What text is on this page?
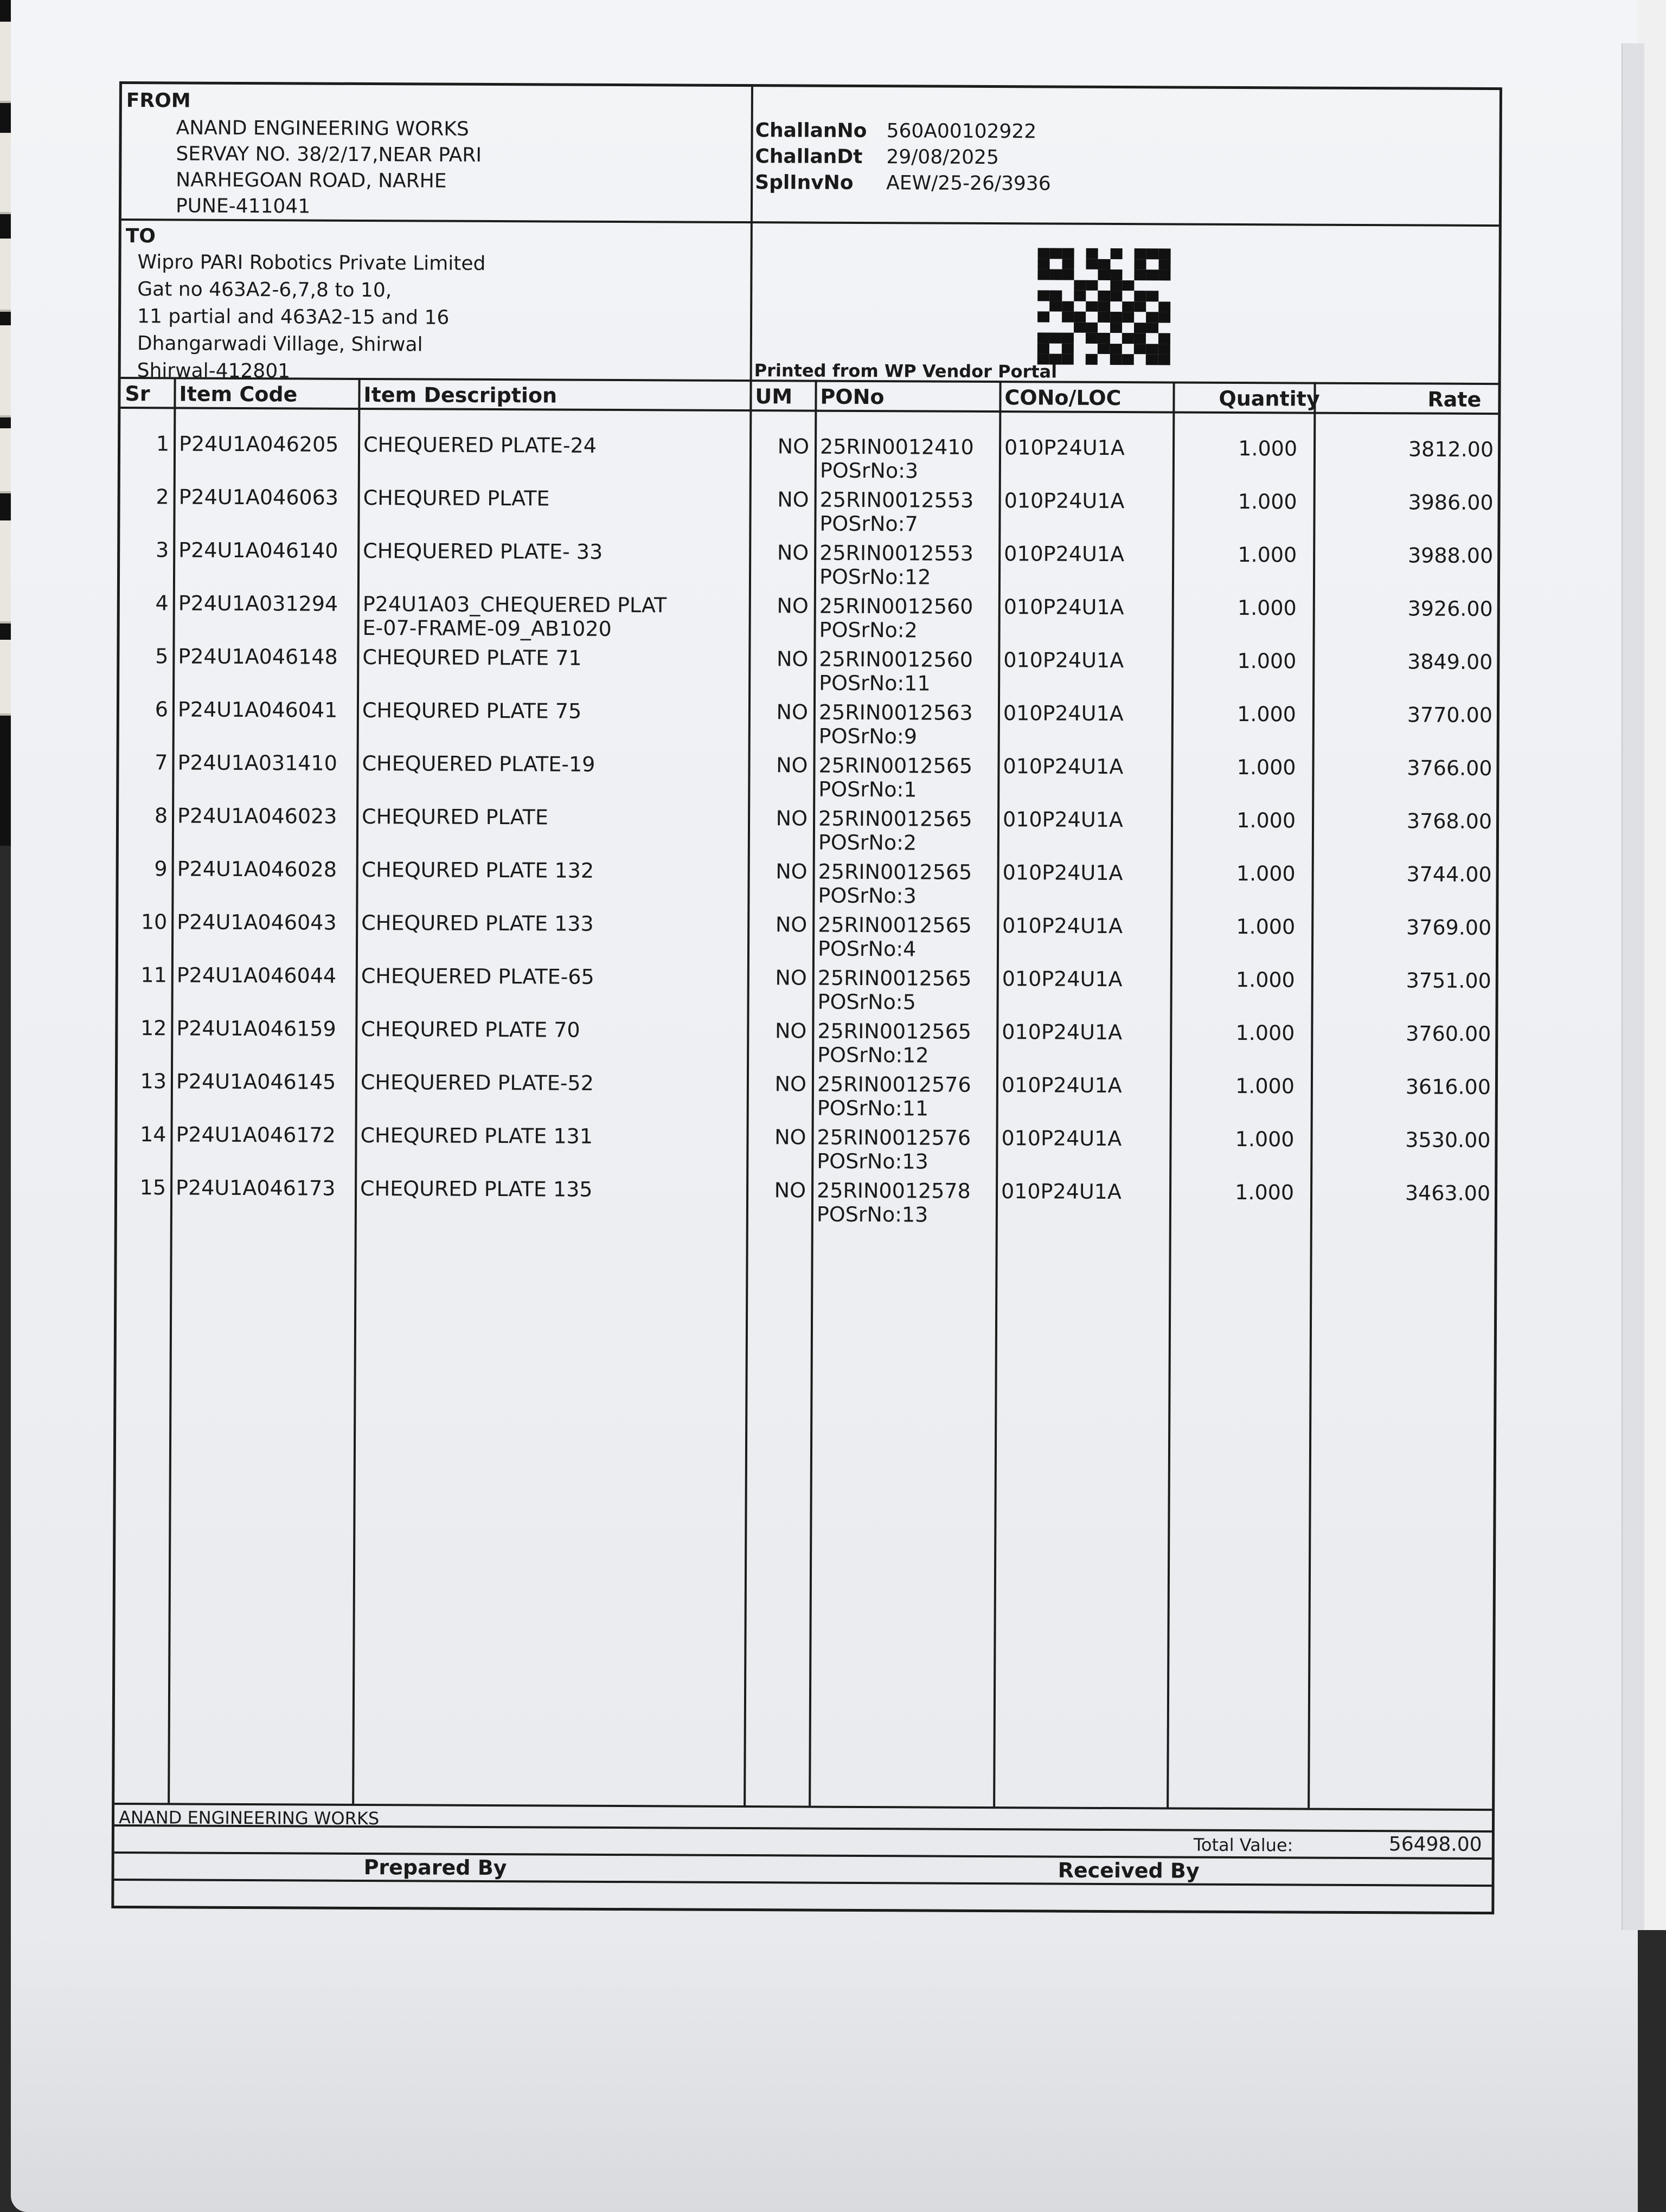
FROM
ANAND ENGINEERING WORKS
SERVAY NO. 38/2/17,NEAR PARI
NARHEGOAN ROAD, NARHE
PUNE-411041
ChallanNo 560A00102922
ChallanDt 29/08/2025
SplInvNo AEW/25-26/3936
TO
Wipro PARI Robotics Private Limited
Gat no 463A2-6,7,8 to 10,
11 partial and 463A2-15 and 16
Dhangarwadi Village, Shirwal
Shirwal-412801	Printed from WP Vendor Portal
Sr Item Code	Item Description	UM PONo	CONo/LOC	Quantity	Rate
1 P24U1A046205	CHEQUERED PLATE-24	NO 25RIN0012410	010P24U1A	1.000	3812.00
POSrNo:3
2 P24U1A046063	CHEQURED PLATE	NO 25RIN0012553	010P24U1A	1.000	3986.00
POSrNo:7
3 P24U1A046140	CHEQUERED PLATE- 33	NO 25RIN0012553	010P24U1A	1.000	3988.00
POSrNo:12
4 P24U1A031294	P24U1A03_CHEQUERED PLAT	NO 25RIN0012560	010P24U1A	1.000	3926.00
POSrNo:2
E-07-FRAME-09_AB1020
5 P24U1A046148	CHEQURED PLATE 71	NO 25RIN0012560	010P24U1A	1.000	3849.00
POSrNo:11
6 P24U1A046041	CHEQURED PLATE 75	NO 25RIN0012563	010P24U1A	1.000	3770.00
POSrNo:9
7 P24U1A031410	CHEQUERED PLATE-19	NO 25RIN0012565	010P24U1A	1.000	3766.00
POSrNo:1
8 P24U1A046023	CHEQURED PLATE	NO 25RIN0012565	010P24U1A	1.000	3768.00
POSrNo:2
9 P24U1A046028	CHEQURED PLATE 132	NO 25RIN0012565	010P24U1A	1.000	3744.00
POSrNo:3
10 P24U1A046043	CHEQURED PLATE 133	NO 25RIN0012565	010P24U1A	1.000	3769.00
POSrNo:4
11 P24U1A046044	CHEQUERED PLATE-65	NO 25RIN0012565	010P24U1A	1.000	3751.00
POSrNo:5
12 P24U1A046159	CHEQURED PLATE 70	NO 25RIN0012565	010P24U1A	1.000	3760.00
POSrNo:12
13 P24U1A046145	CHEQUERED PLATE-52	NO 25RIN0012576	010P24U1A	1.000	3616.00
POSrNo:11
14 P24U1A046172	CHEQURED PLATE 131	NO 25RIN0012576	010P24U1A	1.000	3530.00
POSrNo:13
15 P24U1A046173	CHEQURED PLATE 135	NO 25RIN0012578	010P24U1A	1.000	3463.00
POSrNo:13
ANAND ENGINEERING WORKS
Total Value:	56498.00
Prepared By	Received By
